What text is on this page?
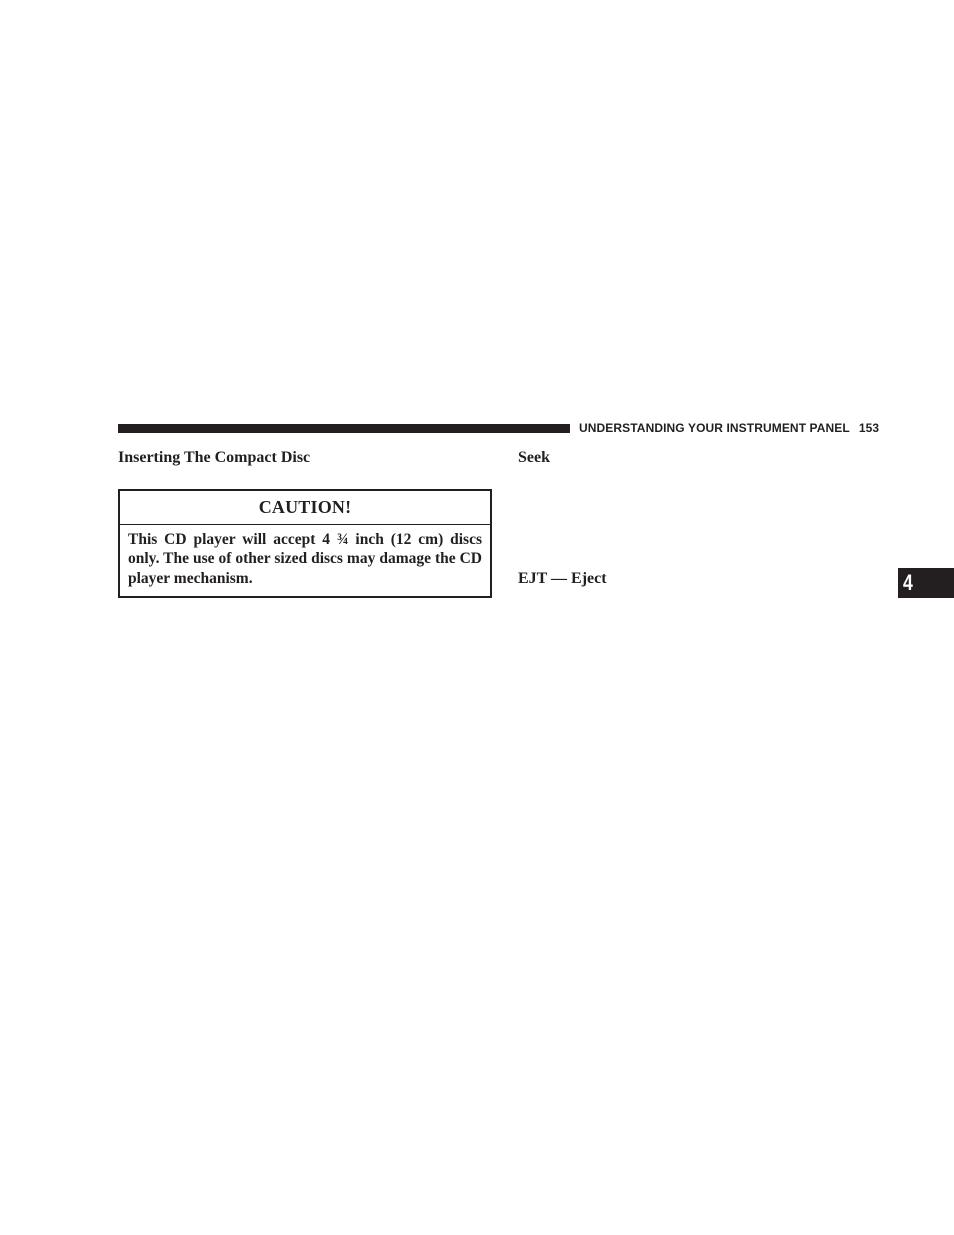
UNDERSTANDING YOUR INSTRUMENT PANEL 153
Inserting The Compact Disc
CAUTION!
This CD player will accept 4 ¾ inch (12 cm) discs only. The use of other sized discs may damage the CD player mechanism.
Seek
EJT — Eject	4
